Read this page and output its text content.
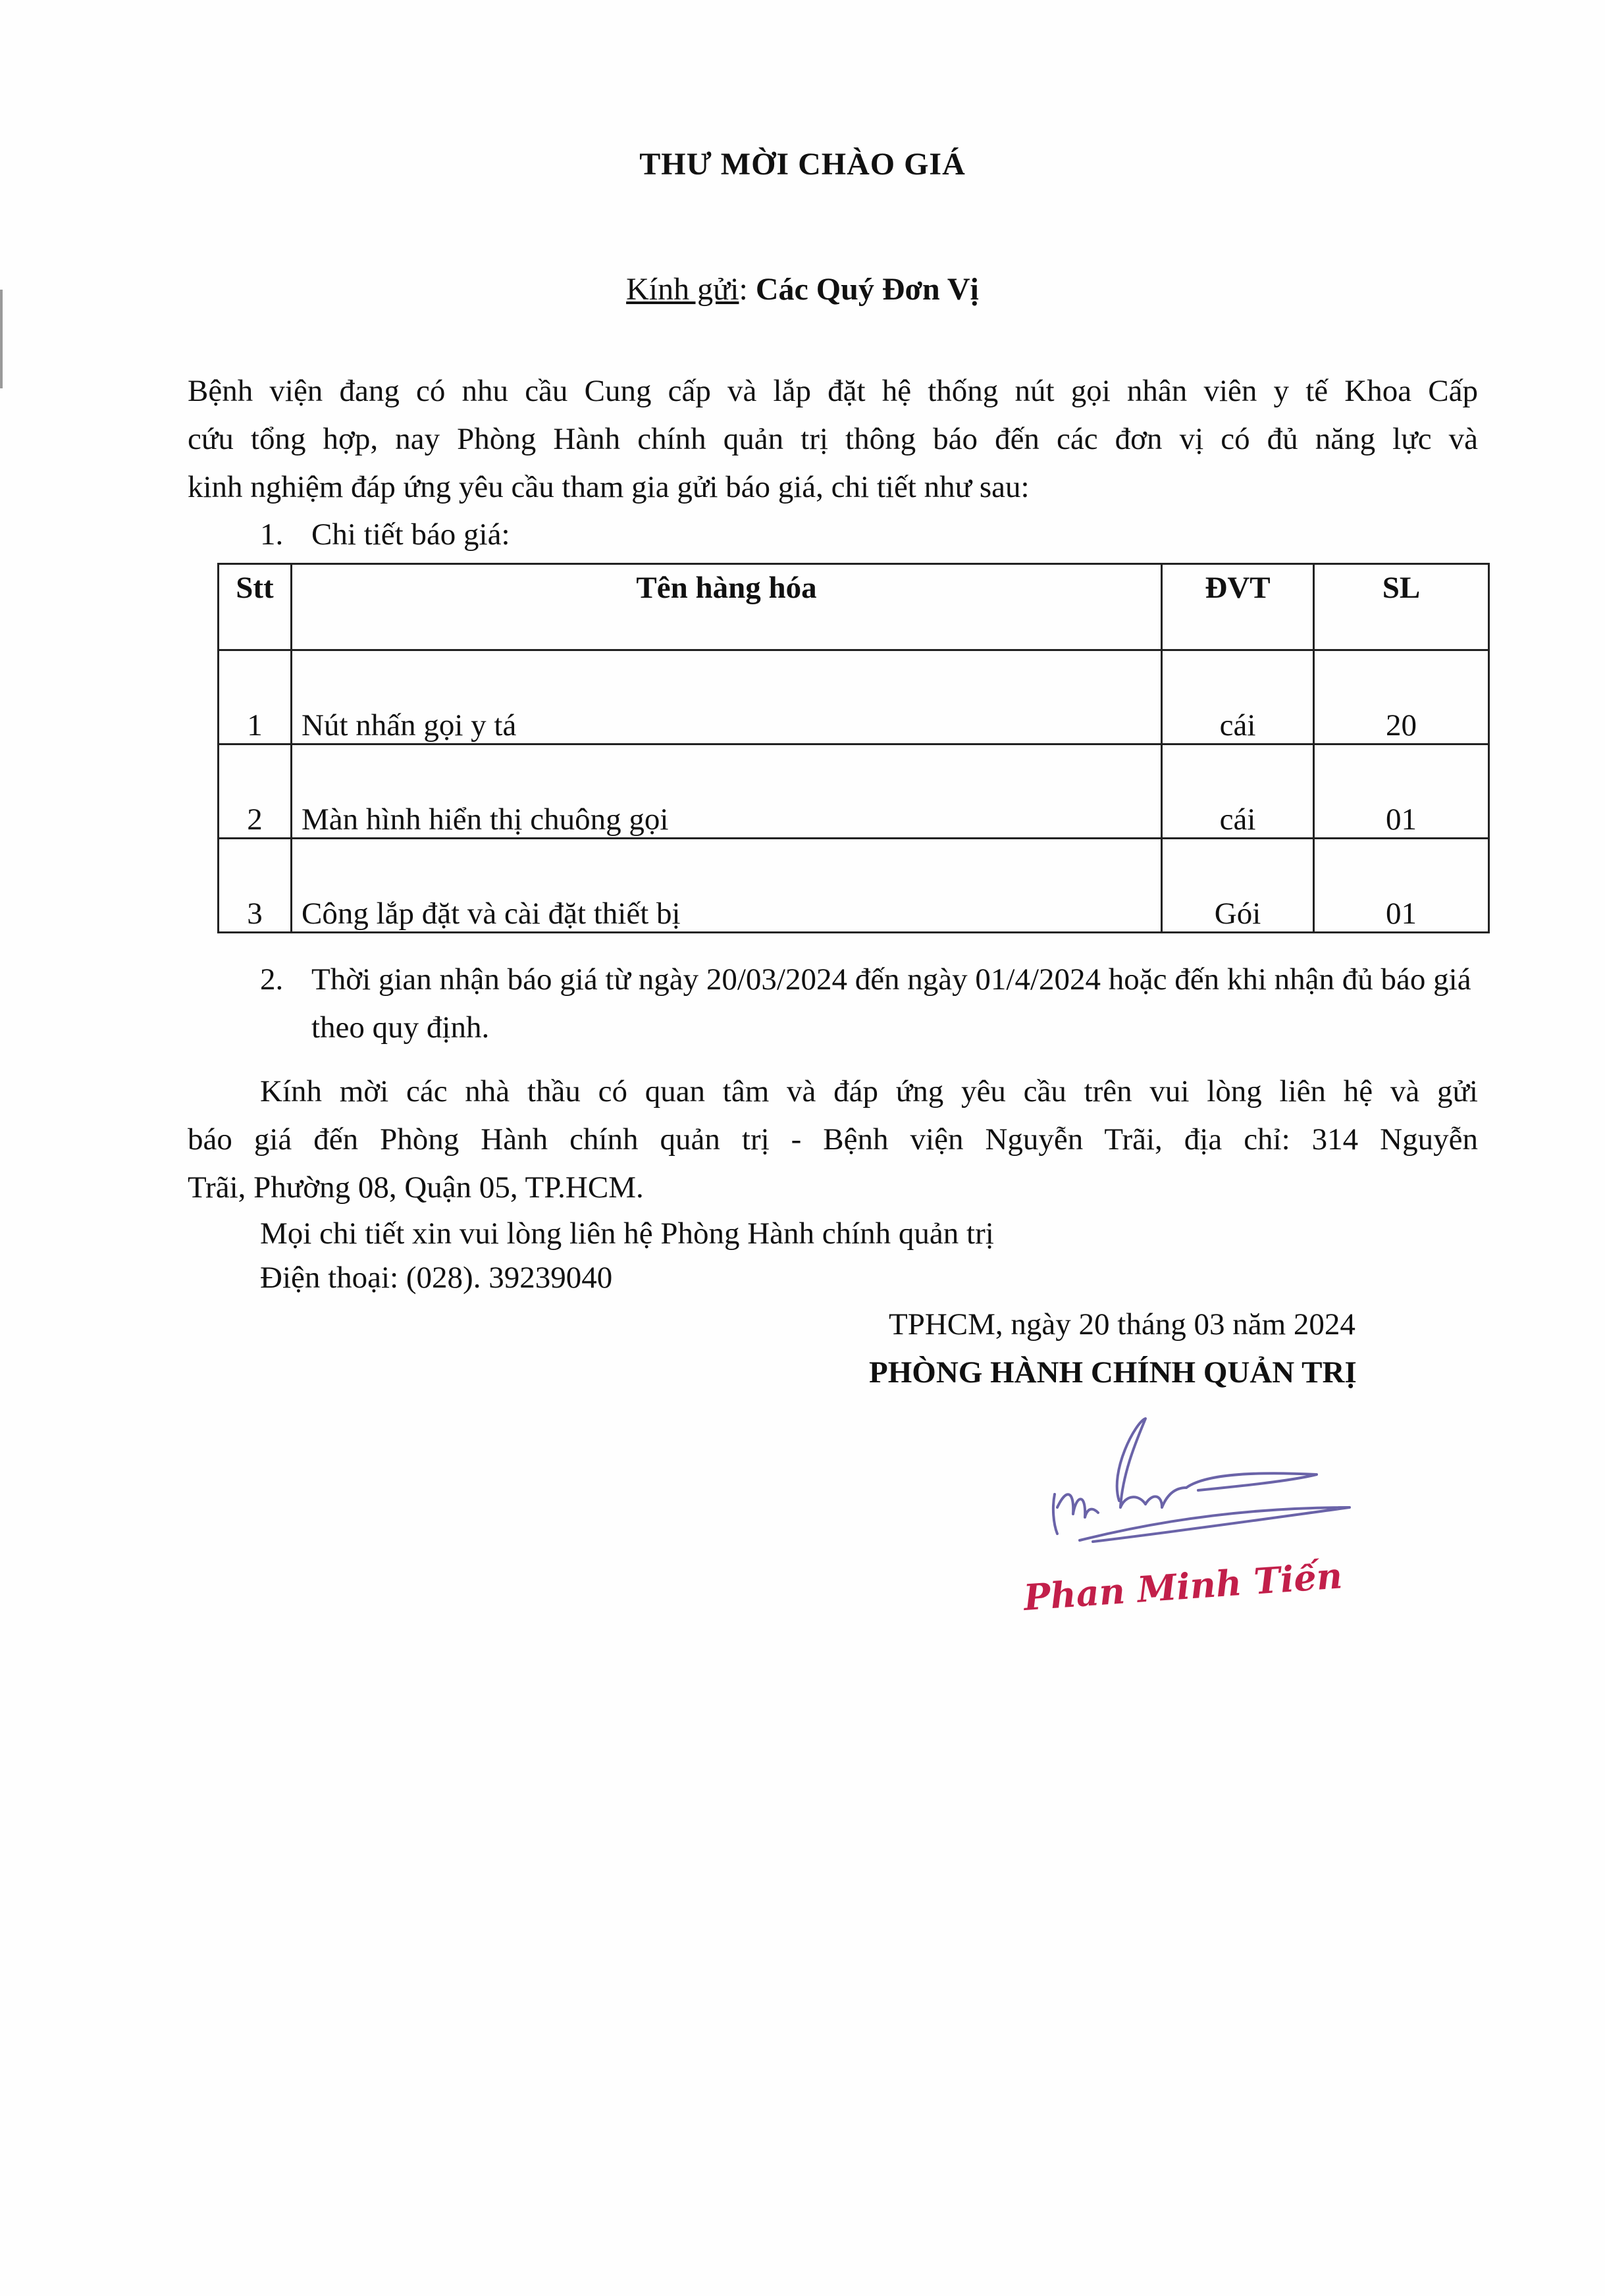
THƯ MỜI CHÀO GIÁ
Kính gửi: Các Quý Đơn Vị
Bệnh viện đang có nhu cầu Cung cấp và lắp đặt hệ thống nút gọi nhân viên y tế Khoa Cấp
cứu tổng hợp, nay Phòng Hành chính quản trị thông báo đến các đơn vị có đủ năng lực và
kinh nghiệm đáp ứng yêu cầu tham gia gửi báo giá, chi tiết như sau:
1. Chi tiết báo giá:
Stt	Tên hàng hóa	ĐVT	SL
1	Nút nhấn gọi y tá	cái	20
2	Màn hình hiển thị chuông gọi	cái	01
3	Công lắp đặt và cài đặt thiết bị	Gói	01
2. Thời gian nhận báo giá từ ngày 20/03/2024 đến ngày 01/4/2024 hoặc đến khi nhận đủ báo giá theo quy định.
Kính mời các nhà thầu có quan tâm và đáp ứng yêu cầu trên vui lòng liên hệ và gửi
báo giá đến Phòng Hành chính quản trị - Bệnh viện Nguyễn Trãi, địa chỉ: 314 Nguyễn
Trãi, Phường 08, Quận 05, TP.HCM.
Mọi chi tiết xin vui lòng liên hệ Phòng Hành chính quản trị
Điện thoại: (028). 39239040
TPHCM, ngày 20 tháng 03 năm 2024
PHÒNG HÀNH CHÍNH QUẢN TRỊ
Phan Minh Tiến
